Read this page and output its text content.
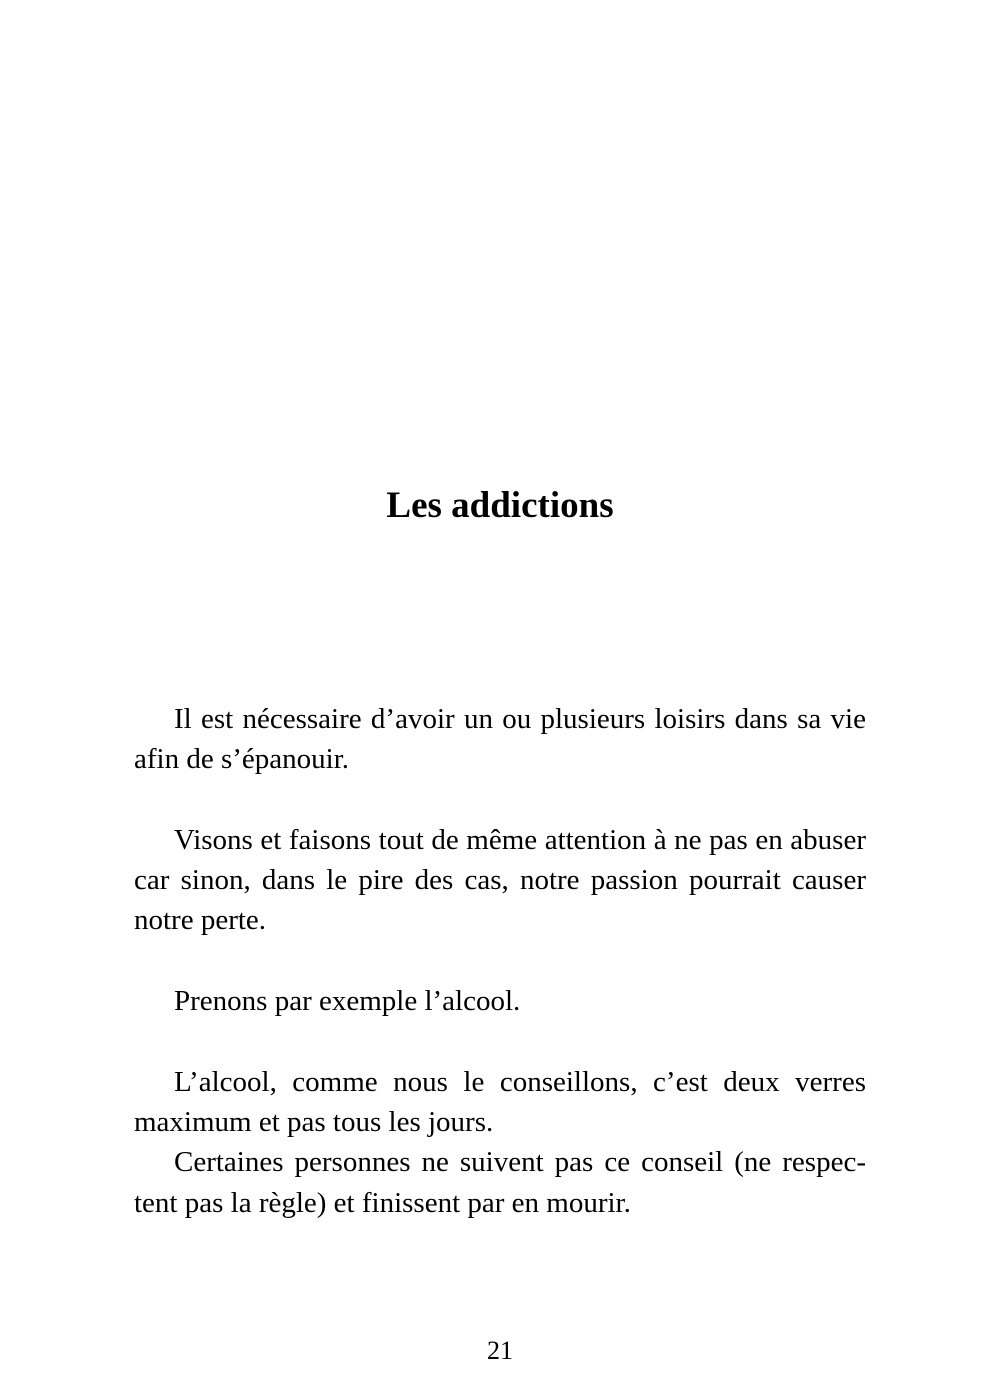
Les addictions

Il est nécessaire d’avoir un ou plusieurs loisirs dans sa vie afin de s’épanouir.

Visons et faisons tout de même attention à ne pas en abuser car sinon, dans le pire des cas, notre passion pourrait causer notre perte.

Prenons par exemple l’alcool.

L’alcool, comme nous le conseillons, c’est deux verres maximum et pas tous les jours.

Certaines personnes ne suivent pas ce conseil (ne respectent pas la règle) et finissent par en mourir.

21
